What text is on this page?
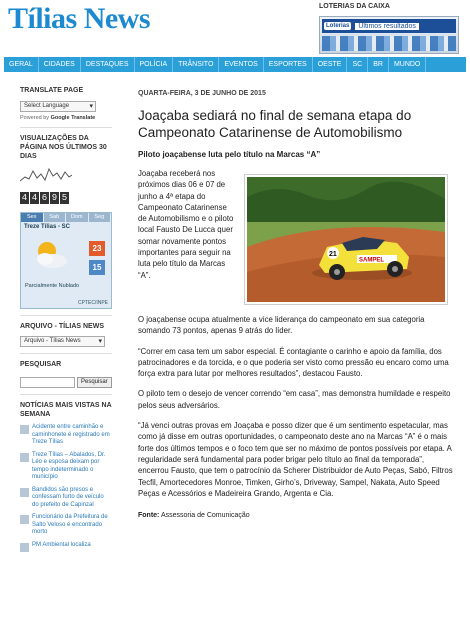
Tílias News	LOTERIAS DA CAIXA
Loterias	Últimos resultados
GERAL	CIDADES	DESTAQUES	POLÍCIA	TRÂNSITO	EVENTOS	ESPORTES	OESTE	SC	BR	MUNDO
TRANSLATE PAGE
Select Language ▾
Powered by Google Translate
VISUALIZAÇÕES DA PÁGINA NOS ÚLTIMOS 30 DIAS
4 4 6 9 5
Sex	Sab	Dom	Seg
Treze Tílias - SC
23
15
Parcialmente Nublado
CPTEC/INPE
ARQUIVO - TÍLIAS NEWS
Arquivo - Tílias News ▾
PESQUISAR
Pesquisar
NOTÍCIAS MAIS VISTAS NA SEMANA
Acidente entre caminhão e caminhonete é registrado em Treze Tílias
Treze Tílias – Abalados, Dr. Léo e esposa deixam por tempo indeterminado o município
Bandidos são presos e confessam furto de veículo do prefeito de Capinzal
Funcionário da Prefeitura de Salto Veloso é encontrado morto
PM Ambiental localiza
QUARTA-FEIRA, 3 DE JUNHO DE 2015
Joaçaba sediará no final de semana etapa do Campeonato Catarinense de Automobilismo
Piloto joaçabense luta pelo título na Marcas “A”
Joaçaba receberá nos próximos dias 06 e 07 de junho a 4ª etapa do Campeonato Catarinense de Automobilismo e o piloto local Fausto De Lucca quer somar novamente pontos importantes para seguir na luta pelo título da Marcas “A”.
SAMPEL
21
O joaçabense ocupa atualmente a vice liderança do campeonato em sua categoria somando 73 pontos, apenas 9 atrás do líder.
“Correr em casa tem um sabor especial. É contagiante o carinho e apoio da família, dos patrocinadores e da torcida, e o que poderia ser visto como pressão eu encaro como uma força extra para lutar por melhores resultados”, destacou Fausto.
O piloto tem o desejo de vencer correndo “em casa”, mas demonstra humildade e respeito pelos seus adversários.
“Já venci outras provas em Joaçaba e posso dizer que é um sentimento espetacular, mas como já disse em outras oportunidades, o campeonato deste ano na Marcas “A” é o mais forte dos últimos tempos e o foco tem que ser no máximo de pontos possíveis por etapa. A regularidade será fundamental para poder brigar pelo título ao final da temporada”, encerrou Fausto, que tem o patrocínio da Scherer Distribuidor de Auto Peças, Sabó, Filtros Tecfil, Amortecedores Monroe, Timken, Girho’s, Driveway, Sampel, Nakata, Auto Speed Peças e Acessórios e Madeireira Grando, Argenta e Cia.
Fonte: Assessoria de Comunicação
